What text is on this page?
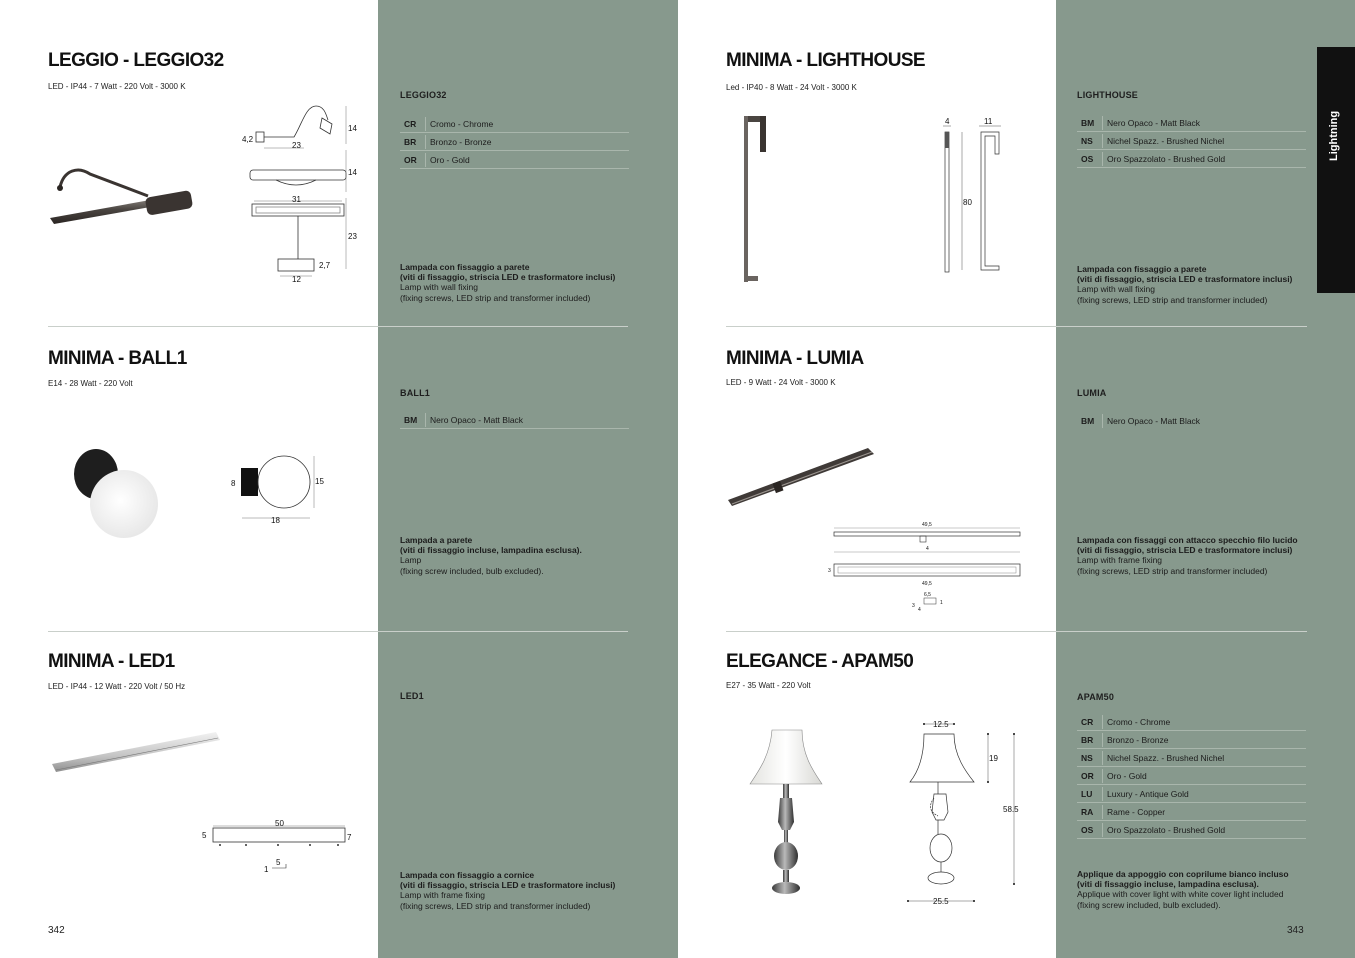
Lightning
LEGGIO - LEGGIO32
LED - IP44 - 7 Watt - 220 Volt - 3000 K
4,2
23
14
14
31
23
2,7
12
LEGGIO32
CR Cromo - Chrome
BR Bronzo - Bronze
OR Oro - Gold
Lampada con fissaggio a parete
(viti di fissaggio, striscia LED e trasformatore inclusi)
Lamp with wall fixing
(fixing screws, LED strip and transformer included)
MINIMA - BALL1
E14 - 28 Watt - 220 Volt
8	15
18
BALL1
BM Nero Opaco - Matt Black
Lampada a parete
(viti di fissaggio incluse, lampadina esclusa).
Lamp
(fixing screw included, bulb excluded).
MINIMA - LED1
LED - IP44 - 12 Watt - 220 Volt / 50 Hz
50
5	7
5
1
LED1
Lampada con fissaggio a cornice
(viti di fissaggio, striscia LED e trasformatore inclusi)
Lamp with frame fixing
(fixing screws, LED strip and transformer included)
342
MINIMA - LIGHTHOUSE
Led - IP40 - 8 Watt - 24 Volt - 3000 K
4	11
80
LIGHTHOUSE
BM Nero Opaco - Matt Black
NS Nichel Spazz. - Brushed Nichel
OS Oro Spazzolato - Brushed Gold
Lampada con fissaggio a parete
(viti di fissaggio, striscia LED e trasformatore inclusi)
Lamp with wall fixing
(fixing screws, LED strip and transformer included)
MINIMA - LUMIA
LED - 9 Watt - 24 Volt - 3000 K
49,5
4
3
49,5
6,5
1
3
4
LUMIA
BM Nero Opaco - Matt Black
Lampada con fissaggi con attacco specchio filo lucido
(viti di fissaggio, striscia LED e trasformatore inclusi)
Lamp with frame fixing
(fixing screws, LED strip and transformer included)
ELEGANCE - APAM50
E27 - 35 Watt - 220 Volt
12.5
19
58.5
25.5
APAM50
CR Cromo - Chrome
BR Bronzo - Bronze
NS Nichel Spazz. - Brushed Nichel
OR Oro - Gold
LU Luxury - Antique Gold
RA Rame - Copper
OS Oro Spazzolato - Brushed Gold
Applique da appoggio con coprilume bianco incluso
(viti di fissaggio incluse, lampadina esclusa).
Applique with cover light with white cover light included
(fixing screw included, bulb excluded).
343
